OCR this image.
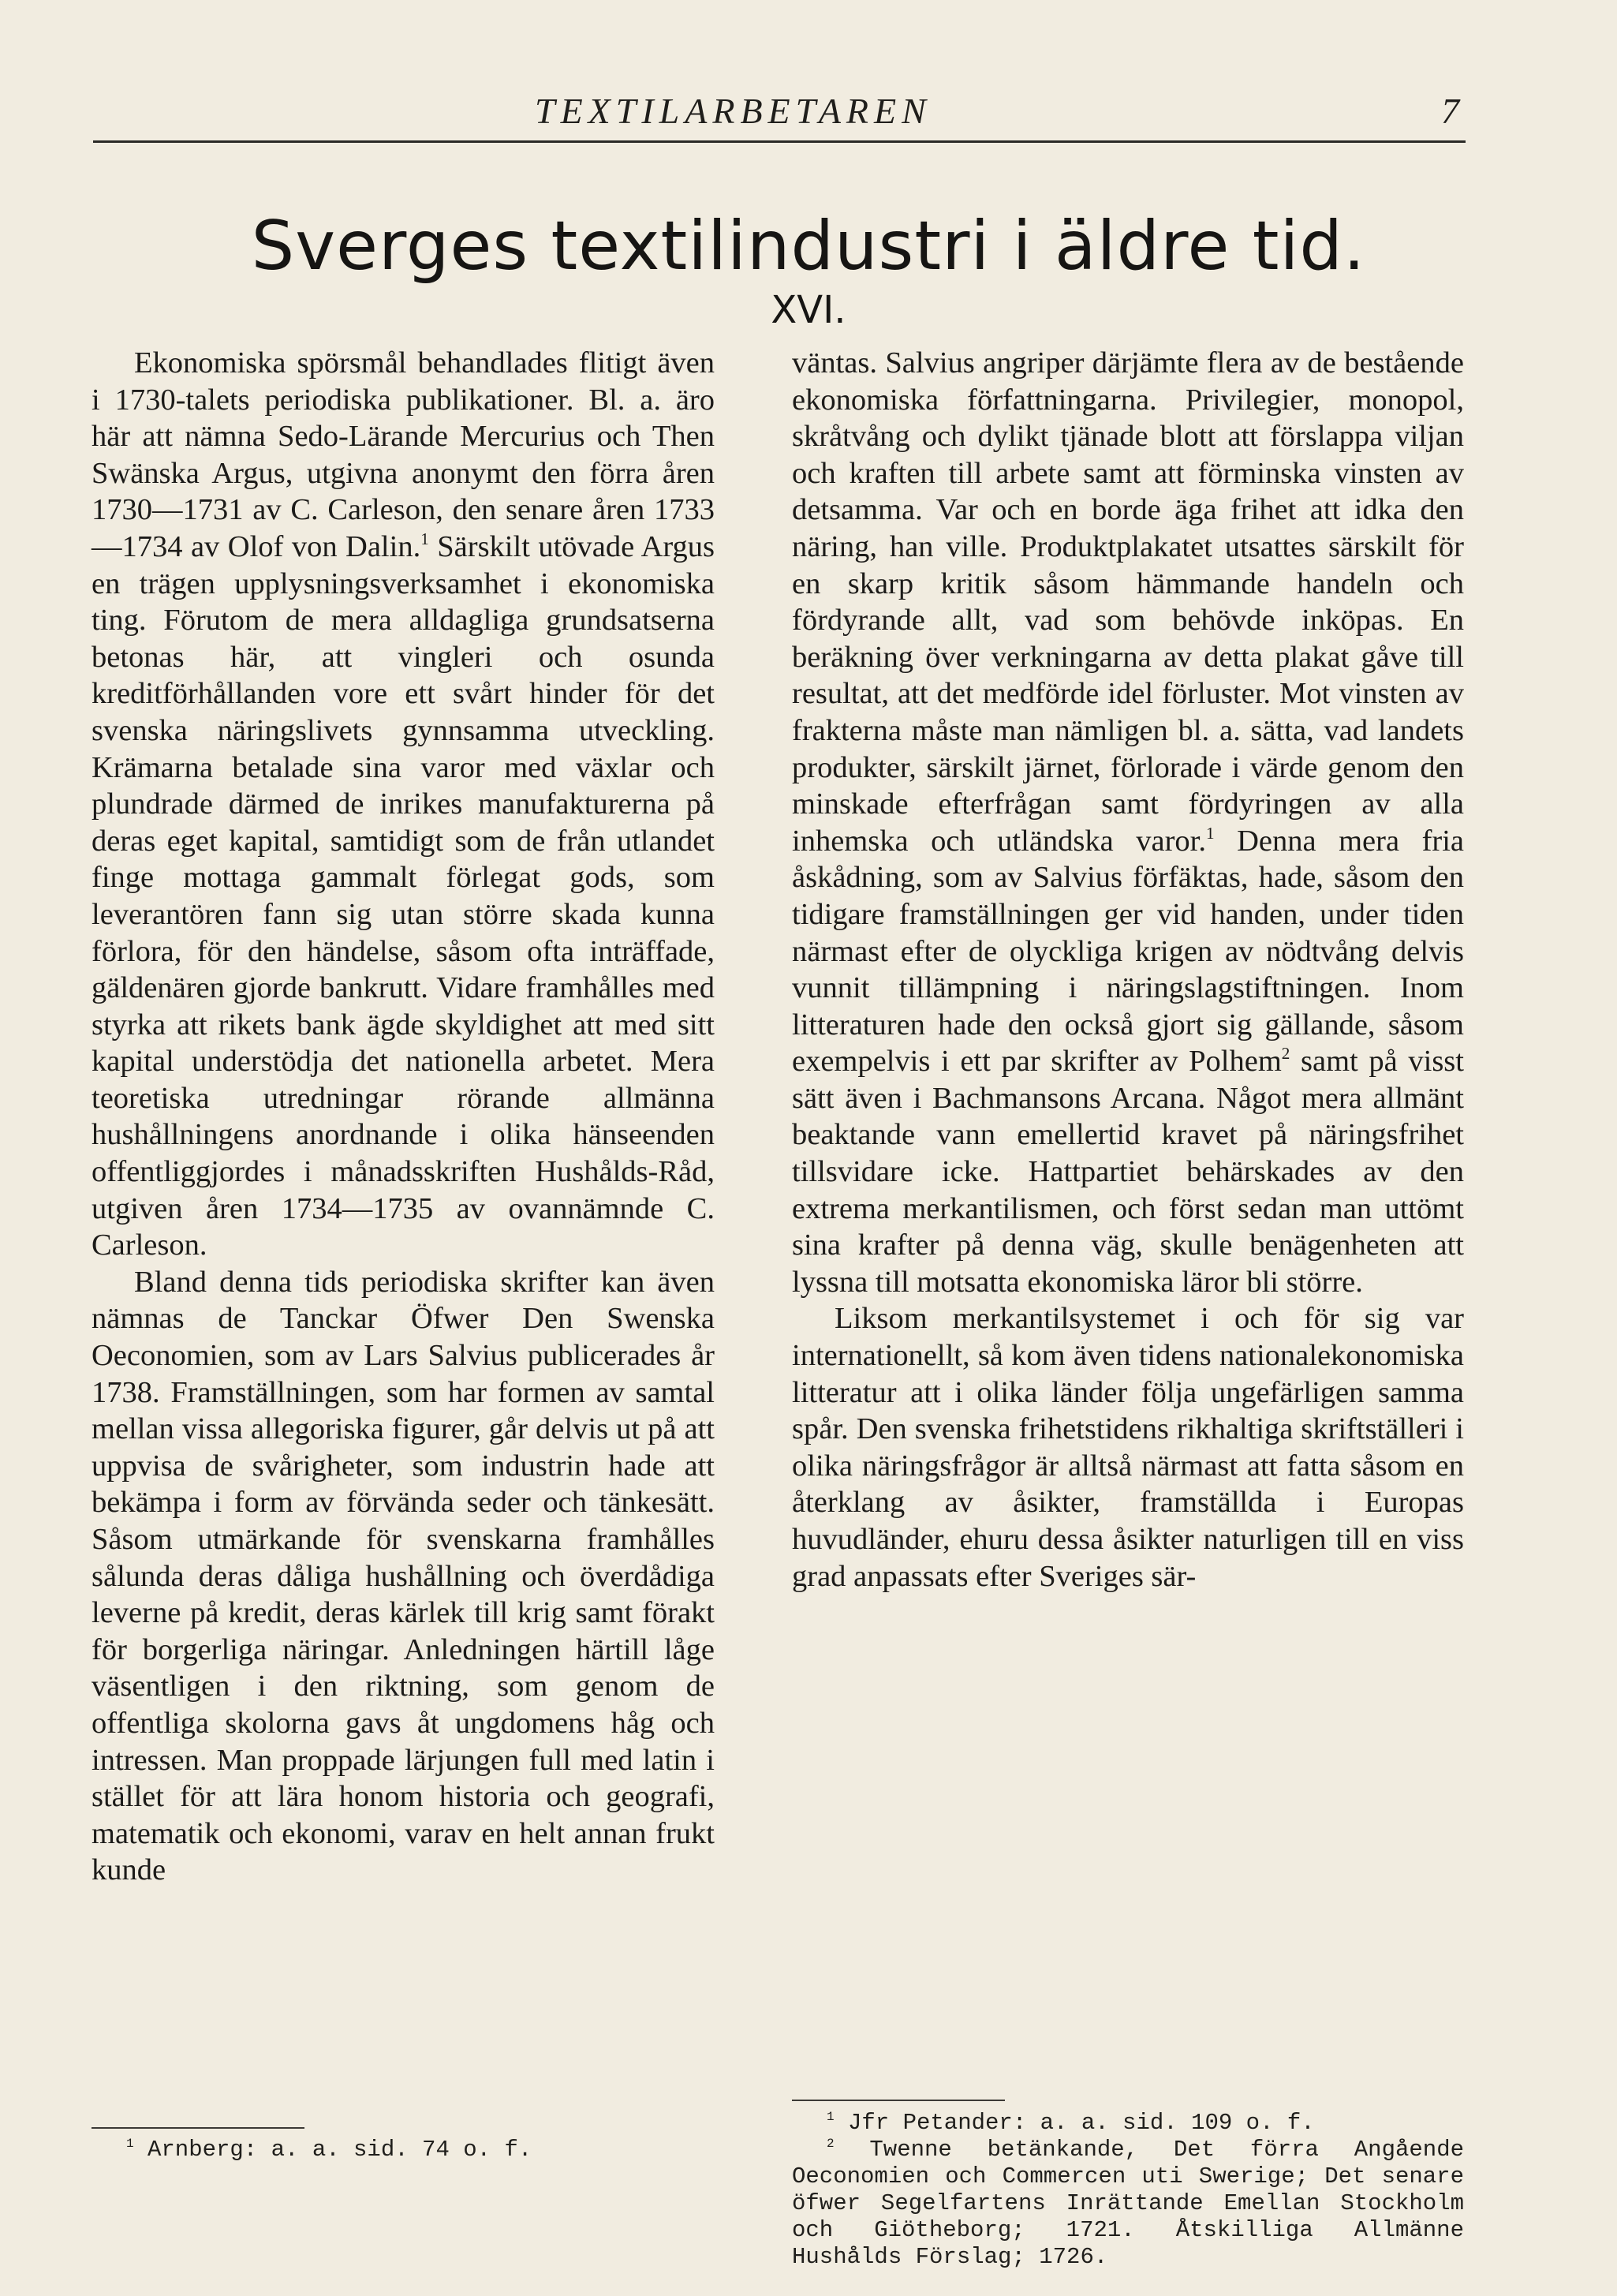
TEXTILARBETAREN	7
Sverges textilindustri i äldre tid.
XVI.

Ekonomiska spörsmål behandlades flitigt även i 1730-talets periodiska publikationer. Bl. a. äro här att nämna Sedo-Lärande Mercurius och Then Swänska Argus, utgivna anonymt den förra åren 1730—1731 av C. Carleson, den senare åren 1733—1734 av Olof von Dalin.$^1$ Särskilt utövade Argus en trägen upplysningsverksamhet i ekonomiska ting. Förutom de mera alldagliga grundsatserna betonas här, att vingleri och osunda kreditförhållanden vore ett svårt hinder för det svenska näringslivets gynnsamma utveckling. Krämarna betalade sina varor med växlar och plundrade därmed de inrikes manufakturerna på deras eget kapital, samtidigt som de från utlandet finge mottaga gammalt förlegat gods, som leverantören fann sig utan större skada kunna förlora, för den händelse, såsom ofta inträffade, gäldenären gjorde bankrutt. Vidare framhålles med styrka att rikets bank ägde skyldighet att med sitt kapital understödja det nationella arbetet. Mera teoretiska utredningar rörande allmänna hushållningens anordnande i olika hänseenden offentliggjordes i månadsskriften Hushålds-Råd, utgiven åren 1734—1735 av ovannämnde C. Carleson.

Bland denna tids periodiska skrifter kan även nämnas de Tanckar Öfwer Den Swenska Oeconomien, som av Lars Salvius publicerades år 1738. Framställningen, som har formen av samtal mellan vissa allegoriska figurer, går delvis ut på att uppvisa de svårigheter, som industrin hade att bekämpa i form av förvända seder och tänkesätt. Såsom utmärkande för svenskarna framhålles sålunda deras dåliga hushållning och överdådiga leverne på kredit, deras kärlek till krig samt förakt för borgerliga näringar. Anledningen härtill låge väsentligen i den riktning, som genom de offentliga skolorna gavs åt ungdomens håg och intressen. Man proppade lärjungen full med latin i stället för att lära honom historia och geografi, matematik och ekonomi, varav en helt annan frukt kunde

väntas. Salvius angriper därjämte flera av de bestående ekonomiska författningarna. Privilegier, monopol, skråtvång och dylikt tjänade blott att förslappa viljan och kraften till arbete samt att förminska vinsten av detsamma. Var och en borde äga frihet att idka den näring, han ville. Produktplakatet utsattes särskilt för en skarp kritik såsom hämmande handeln och fördyrande allt, vad som behövde inköpas. En beräkning över verkningarna av detta plakat gåve till resultat, att det medförde idel förluster. Mot vinsten av frakterna måste man nämligen bl. a. sätta, vad landets produkter, särskilt järnet, förlorade i värde genom den minskade efterfrågan samt fördyringen av alla inhemska och utländska varor.$^1$ Denna mera fria åskådning, som av Salvius förfäktas, hade, såsom den tidigare framställningen ger vid handen, under tiden närmast efter de olyckliga krigen av nödtvång delvis vunnit tillämpning i näringslagstiftningen. Inom litteraturen hade den också gjort sig gällande, såsom exempelvis i ett par skrifter av Polhem$^2$ samt på visst sätt även i Bachmansons Arcana. Något mera allmänt beaktande vann emellertid kravet på näringsfrihet tillsvidare icke. Hattpartiet behärskades av den extrema merkantilismen, och först sedan man uttömt sina krafter på denna väg, skulle benägenheten att lyssna till motsatta ekonomiska läror bli större.

Liksom merkantilsystemet i och för sig var internationellt, så kom även tidens nationalekonomiska litteratur att i olika länder följa ungefärligen samma spår. Den svenska frihetstidens rikhaltiga skriftställeri i olika näringsfrågor är alltså närmast att fatta såsom en återklang av åsikter, framställda i Europas huvudländer, ehuru dessa åsikter naturligen till en viss grad anpassats efter Sveriges sär-

$^1$ Arnberg: a. a. sid. 74 o. f.

$^1$ Jfr Petander: a. a. sid. 109 o. f.

$^2$ Twenne betänkande, Det förra Angående Oeconomien och Commercen uti Swerige; Det senare öfwer Segelfartens Inrättande Emellan Stockholm och Giötheborg; 1721. Åtskilliga Allmänne Hushålds Förslag; 1726.
